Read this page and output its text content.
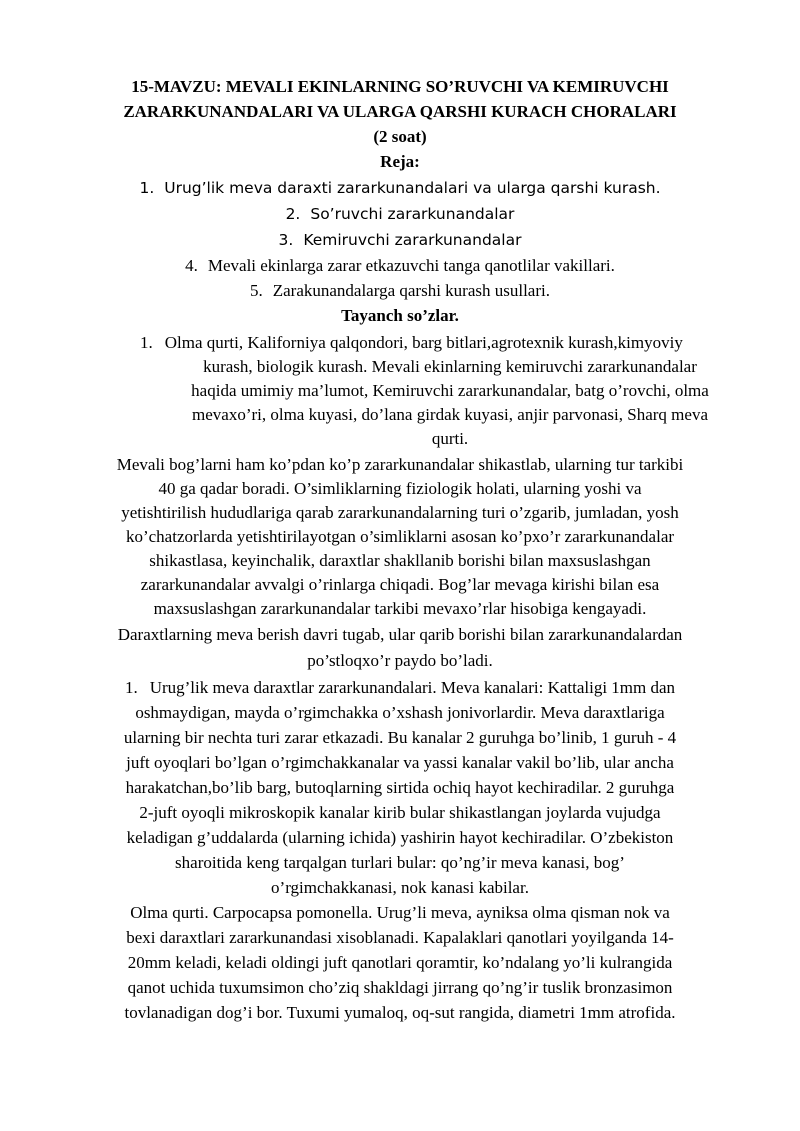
15-MAVZU: MEVALI EKINLARNING SO’RUVCHI VA KEMIRUVCHI
ZARARKUNANDALARI VA ULARGA QARSHI KURACH CHORALARI
(2 soat)
Reja:
1. Urug’lik meva daraxti zararkunandalari va ularga qarshi kurash.
2. So’ruvchi zararkunandalar
3. Kemiruvchi zararkunandalar
4. Mevali ekinlarga zarar etkazuvchi tanga qanotlilar vakillari.
5. Zarakunandalarga qarshi kurash usullari.
Tayanch so’zlar.
1. Olma qurti, Kaliforniya qalqondori, barg bitlari,agrotexnik kurash,kimyoviy
kurash, biologik kurash. Mevali ekinlarning kemiruvchi zararkunandalar
haqida umimiy ma’lumot, Kemiruvchi zararkunandalar, batg o’rovchi, olma
mevaxo’ri, olma kuyasi, do’lana girdak kuyasi, anjir parvonasi, Sharq meva
qurti.
Mevali bog’larni ham ko’pdan ko’p zararkunandalar shikastlab, ularning tur tarkibi
40 ga qadar boradi. O’simliklarning fiziologik holati, ularning yoshi va
yetishtirilish hududlariga qarab zararkunandalarning turi o’zgarib, jumladan, yosh
ko’chatzorlarda yetishtirilayotgan o’simliklarni asosan ko’pxo’r zararkunandalar
shikastlasa, keyinchalik, daraxtlar shakllanib borishi bilan maxsuslashgan
zararkunandalar avvalgi o’rinlarga chiqadi. Bog’lar mevaga kirishi bilan esa
maxsuslashgan zararkunandalar tarkibi mevaxo’rlar hisobiga kengayadi.
Daraxtlarning meva berish davri tugab, ular qarib borishi bilan zararkunandalardan
po’stloqxo’r paydo bo’ladi.
1. Urug’lik meva daraxtlar zararkunandalari. Meva kanalari: Kattaligi 1mm dan
oshmaydigan, mayda o’rgimchakka o’xshash jonivorlardir. Meva daraxtlariga
ularning bir nechta turi zarar etkazadi. Bu kanalar 2 guruhga bo’linib, 1 guruh - 4
juft oyoqlari bo’lgan o’rgimchakkanalar va yassi kanalar vakil bo’lib, ular ancha
harakatchan,bo’lib barg, butoqlarning sirtida ochiq hayot kechiradilar. 2 guruhga
2-juft oyoqli mikroskopik kanalar kirib bular shikastlangan joylarda vujudga
keladigan g’uddalarda (ularning ichida) yashirin hayot kechiradilar. O’zbekiston
sharoitida keng tarqalgan turlari bular: qo’ng’ir meva kanasi, bog’
o’rgimchakkanasi, nok kanasi kabilar.
Olma qurti. Carpocapsa pomonella. Urug’li meva, ayniksa olma qisman nok va
bexi daraxtlari zararkunandasi xisoblanadi. Kapalaklari qanotlari yoyilganda 14-
20mm keladi, keladi oldingi juft qanotlari qoramtir, ko’ndalang yo’li kulrangida
qanot uchida tuxumsimon cho’ziq shakldagi jirrang qo’ng’ir tuslik bronzasimon
tovlanadigan dog’i bor. Tuxumi yumaloq, oq-sut rangida, diametri 1mm atrofida.
